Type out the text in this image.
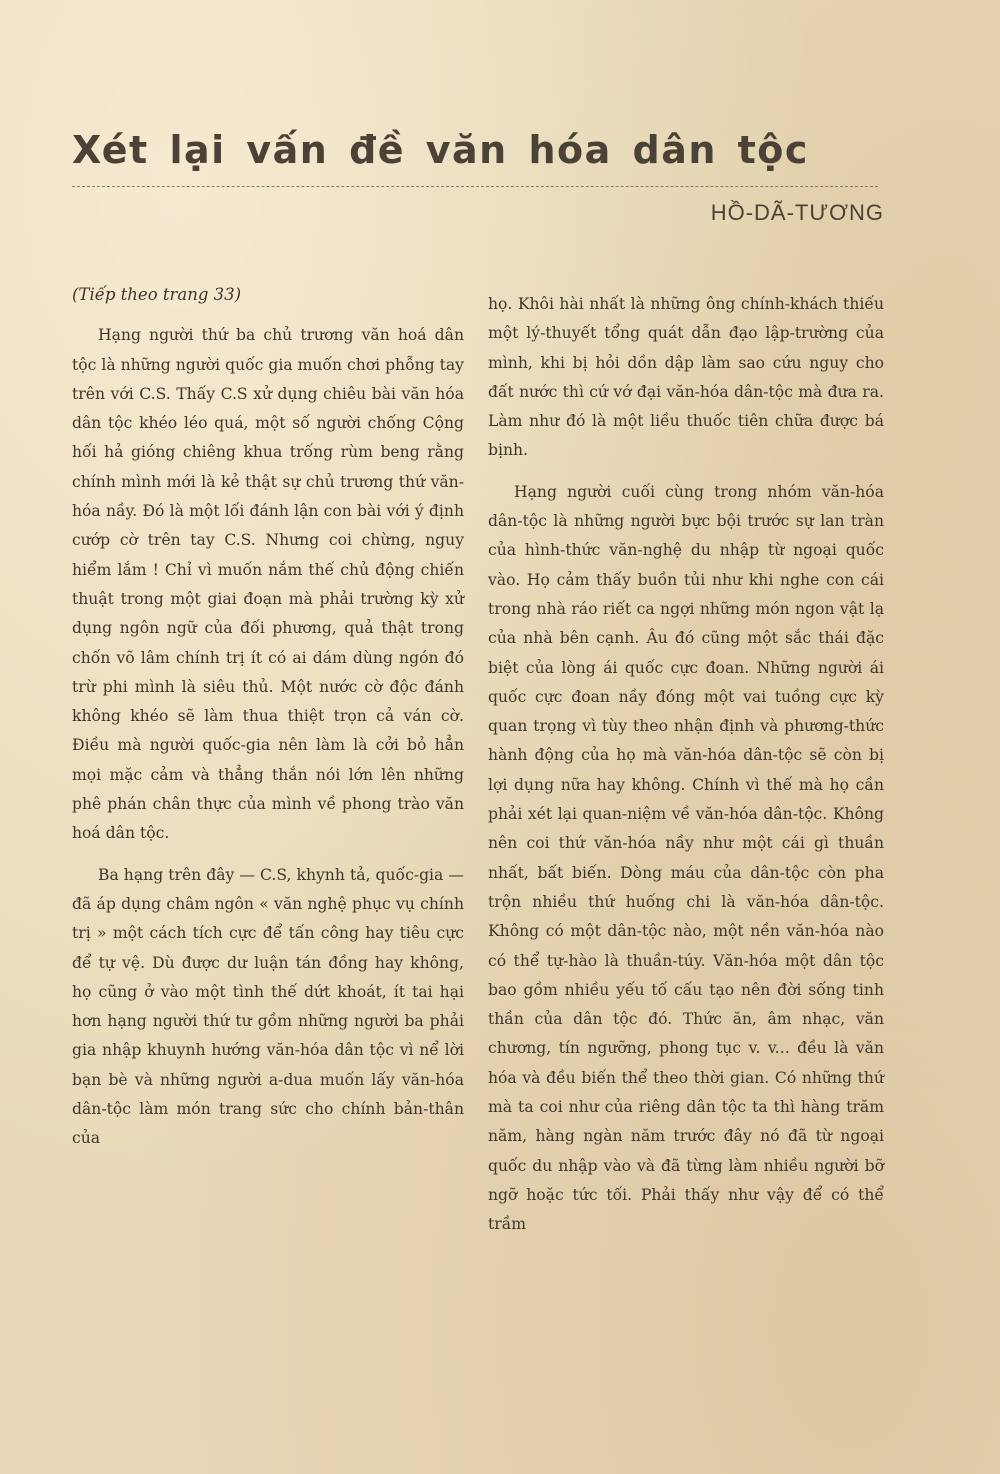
Xét lại vấn đề văn hóa dân tộc
HỒ-DÃ-TƯƠNG

(Tiếp theo trang 33)

Hạng người thứ ba chủ trương văn hoá dân tộc là những người quốc gia muốn chơi phỗng tay trên với C.S. Thấy C.S xử dụng chiêu bài văn hóa dân tộc khéo léo quá, một số người chống Cộng hối hả gióng chiêng khua trống rùm beng rằng chính mình mới là kẻ thật sự chủ trương thứ văn-hóa nầy. Đó là một lối đánh lận con bài với ý định cướp cờ trên tay C.S. Nhưng coi chừng, nguy hiểm lắm ! Chỉ vì muốn nắm thế chủ động chiến thuật trong một giai đoạn mà phải trường kỳ xử dụng ngôn ngữ của đối phương, quả thật trong chốn võ lâm chính trị ít có ai dám dùng ngón đó trừ phi mình là siêu thủ. Một nước cờ độc đánh không khéo sẽ làm thua thiệt trọn cả ván cờ. Điều mà người quốc-gia nên làm là cởi bỏ hẳn mọi mặc cảm và thẳng thắn nói lớn lên những phê phán chân thực của mình về phong trào văn hoá dân tộc.

Ba hạng trên đây — C.S, khynh tả, quốc-gia — đã áp dụng châm ngôn « văn nghệ phục vụ chính trị » một cách tích cực để tấn công hay tiêu cực để tự vệ. Dù được dư luận tán đồng hay không, họ cũng ở vào một tình thế dứt khoát, ít tai hại hơn hạng người thứ tư gồm những người ba phải gia nhập khuynh hướng văn-hóa dân tộc vì nể lời bạn bè và những người a-dua muốn lấy văn-hóa dân-tộc làm món trang sức cho chính bản-thân của

họ. Khôi hài nhất là những ông chính-khách thiếu một lý-thuyết tổng quát dẫn đạo lập-trường của mình, khi bị hỏi dồn dập làm sao cứu nguy cho đất nước thì cứ vớ đại văn-hóa dân-tộc mà đưa ra. Làm như đó là một liều thuốc tiên chữa được bá bịnh.

Hạng người cuối cùng trong nhóm văn-hóa dân-tộc là những người bực bội trước sự lan tràn của hình-thức văn-nghệ du nhập từ ngoại quốc vào. Họ cảm thấy buồn tủi như khi nghe con cái trong nhà ráo riết ca ngợi những món ngon vật lạ của nhà bên cạnh. Âu đó cũng một sắc thái đặc biệt của lòng ái quốc cực đoan. Những người ái quốc cực đoan nầy đóng một vai tuồng cực kỳ quan trọng vì tùy theo nhận định và phương-thức hành động của họ mà văn-hóa dân-tộc sẽ còn bị lợi dụng nữa hay không. Chính vì thế mà họ cần phải xét lại quan-niệm về văn-hóa dân-tộc. Không nên coi thứ văn-hóa nầy như một cái gì thuần nhất, bất biến. Dòng máu của dân-tộc còn pha trộn nhiều thứ huống chi là văn-hóa dân-tộc. Không có một dân-tộc nào, một nền văn-hóa nào có thể tự-hào là thuần-túy. Văn-hóa một dân tộc bao gồm nhiều yếu tố cấu tạo nên đời sống tinh thần của dân tộc đó. Thức ăn, âm nhạc, văn chương, tín ngưỡng, phong tục v. v... đều là văn hóa và đều biến thể theo thời gian. Có những thứ mà ta coi như của riêng dân tộc ta thì hàng trăm năm, hàng ngàn năm trước đây nó đã từ ngoại quốc du nhập vào và đã từng làm nhiều người bỡ ngỡ hoặc tức tối. Phải thấy như vậy để có thể trầm
